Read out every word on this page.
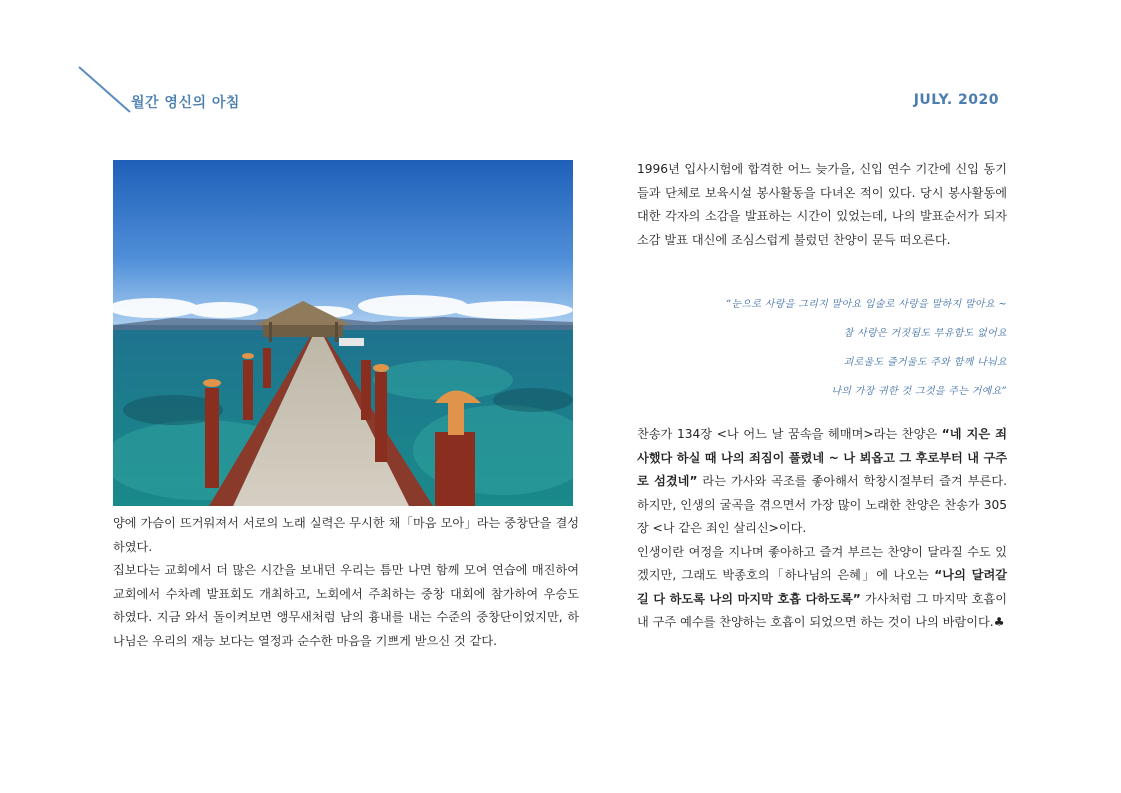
월간 영신의 아침	JULY. 2020

양에 가슴이 뜨거워져서 서로의 노래 실력은 무시한 채「마음 모아」라는 중창단을 결성하였다.

집보다는 교회에서 더 많은 시간을 보내던 우리는 틈만 나면 함께 모여 연습에 매진하여 교회에서 수차례 발표회도 개최하고, 노회에서 주최하는 중창 대회에 참가하여 우승도 하였다. 지금 와서 돌이켜보면 앵무새처럼 남의 흉내를 내는 수준의 중창단이었지만, 하나님은 우리의 재능 보다는 열정과 순수한 마음을 기쁘게 받으신 것 같다.

1996년 입사시험에 합격한 어느 늦가을, 신입 연수 기간에 신입 동기들과 단체로 보육시설 봉사활동을 다녀온 적이 있다. 당시 봉사활동에 대한 각자의 소감을 발표하는 시간이 있었는데, 나의 발표순서가 되자 소감 발표 대신에 조심스럽게 불렀던 찬양이 문득 떠오른다.

“눈으로 사랑을 그리지 말아요 입술로 사랑을 말하지 말아요 ~
참 사랑은 거짓됨도 부유함도 없어요
괴로울도 즐거울도 주와 함께 나눠요
나의 가장 귀한 것 그것을 주는 거예요”

찬송가 134장 <나 어느 날 꿈속을 헤매며>라는 찬양은 “네 지은 죄 사했다 하실 때 나의 죄짐이 풀렸네 ~ 나 뵈옵고 그 후로부터 내 구주로 섬겼네” 라는 가사와 곡조를 좋아해서 학창시절부터 즐겨 부른다. 하지만, 인생의 굴곡을 겪으면서 가장 많이 노래한 찬양은 찬송가 305장 <나 같은 죄인 살리신>이다.

인생이란 여정을 지나며 좋아하고 즐겨 부르는 찬양이 달라질 수도 있겠지만, 그래도 박종호의「하나님의 은혜」에 나오는 “나의 달려갈 길 다 하도록 나의 마지막 호흡 다하도록” 가사처럼 그 마지막 호흡이 내 구주 예수를 찬양하는 호흡이 되었으면 하는 것이 나의 바람이다.♣
